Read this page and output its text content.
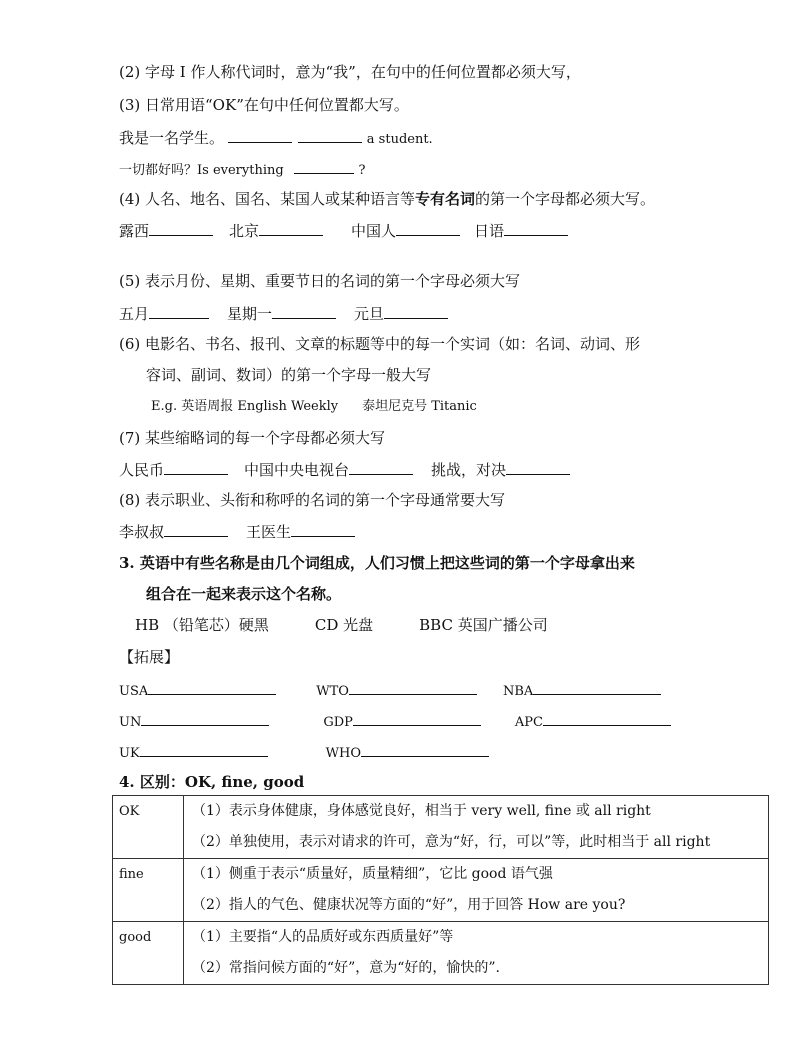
(2) 字母 I 作人称代词时，意为“我”，在句中的任何位置都必须大写，
(3) 日常用语“OK”在句中任何位置都大写。
我是一名学生。	a student.
一切都好吗？Is everything	?
(4) 人名、地名、国名、某国人或某种语言等专有名词的第一个字母都必须大写。
露西	北京	中国人	日语
(5) 表示月份、星期、重要节日的名词的第一个字母必须大写
五月	星期一	元旦
(6) 电影名、书名、报刊、文章的标题等中的每一个实词（如：名词、动词、形
容词、副词、数词）的第一个字母一般大写
E.g. 英语周报 English Weekly 泰坦尼克号 Titanic
(7) 某些缩略词的每一个字母都必须大写
人民币	中国中央电视台	挑战，对决
(8) 表示职业、头衔和称呼的名词的第一个字母通常要大写
李叔叔	王医生
3. 英语中有些名称是由几个词组成，人们习惯上把这些词的第一个字母拿出来
组合在一起来表示这个名称。
HB （铅笔芯）硬黑	CD 光盘	BBC 英国广播公司
【拓展】
USA	WTO	NBA
UN	GDP	APC
UK	WHO
4. 区别：OK, fine, good
OK	（1）表示身体健康，身体感觉良好，相当于 very well, fine 或 all right
（2）单独使用，表示对请求的许可，意为“好，行，可以”等，此时相当于 all right

fine	（1）侧重于表示“质量好，质量精细”，它比 good 语气强
（2）指人的气色、健康状况等方面的“好”，用于回答 How are you?

good	（1）主要指“人的品质好或东西质量好”等
（2）常指问候方面的“好”，意为“好的，愉快的”.
